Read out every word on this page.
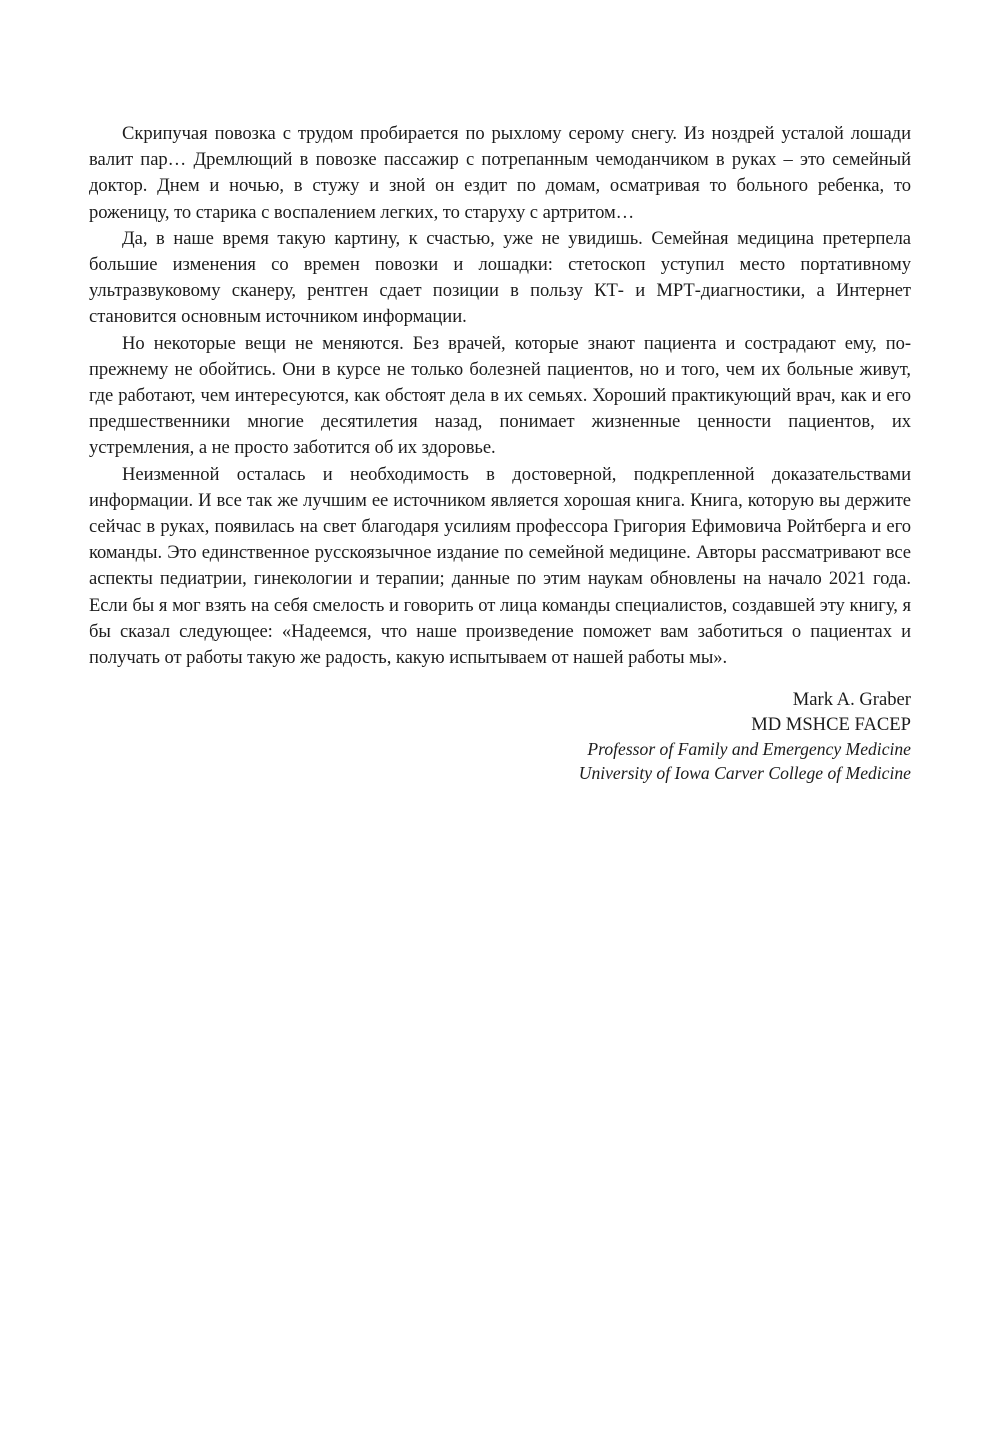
Скрипучая повозка с трудом пробирается по рыхлому серому снегу. Из ноздрей усталой лошади валит пар… Дремлющий в повозке пассажир с потрепанным чемоданчиком в руках – это семейный доктор. Днем и ночью, в стужу и зной он ездит по домам, осматривая то больного ребенка, то роженицу, то старика с воспалением легких, то старуху с артритом…

Да, в наше время такую картину, к счастью, уже не увидишь. Семейная медицина претерпела большие изменения со времен повозки и лошадки: стетоскоп уступил место портативному ультразвуковому сканеру, рентген сдает позиции в пользу КТ- и МРТ-диагностики, а Интернет становится основным источником информации.

Но некоторые вещи не меняются. Без врачей, которые знают пациента и сострадают ему, по-прежнему не обойтись. Они в курсе не только болезней пациентов, но и того, чем их больные живут, где работают, чем интересуются, как обстоят дела в их семьях. Хороший практикующий врач, как и его предшественники многие десятилетия назад, понимает жизненные ценности пациентов, их устремления, а не просто заботится об их здоровье.

Неизменной осталась и необходимость в достоверной, подкрепленной доказательствами информации. И все так же лучшим ее источником является хорошая книга. Книга, которую вы держите сейчас в руках, появилась на свет благодаря усилиям профессора Григория Ефимовича Ройтберга и его команды. Это единственное русскоязычное издание по семейной медицине. Авторы рассматривают все аспекты педиатрии, гинекологии и терапии; данные по этим наукам обновлены на начало 2021 года. Если бы я мог взять на себя смелость и говорить от лица команды специалистов, создавшей эту книгу, я бы сказал следующее: «Надеемся, что наше произведение поможет вам заботиться о пациентах и получать от работы такую же радость, какую испытываем от нашей работы мы».

Mark A. Graber
MD MSHCE FACEP
Professor of Family and Emergency Medicine
University of Iowa Carver College of Medicine
